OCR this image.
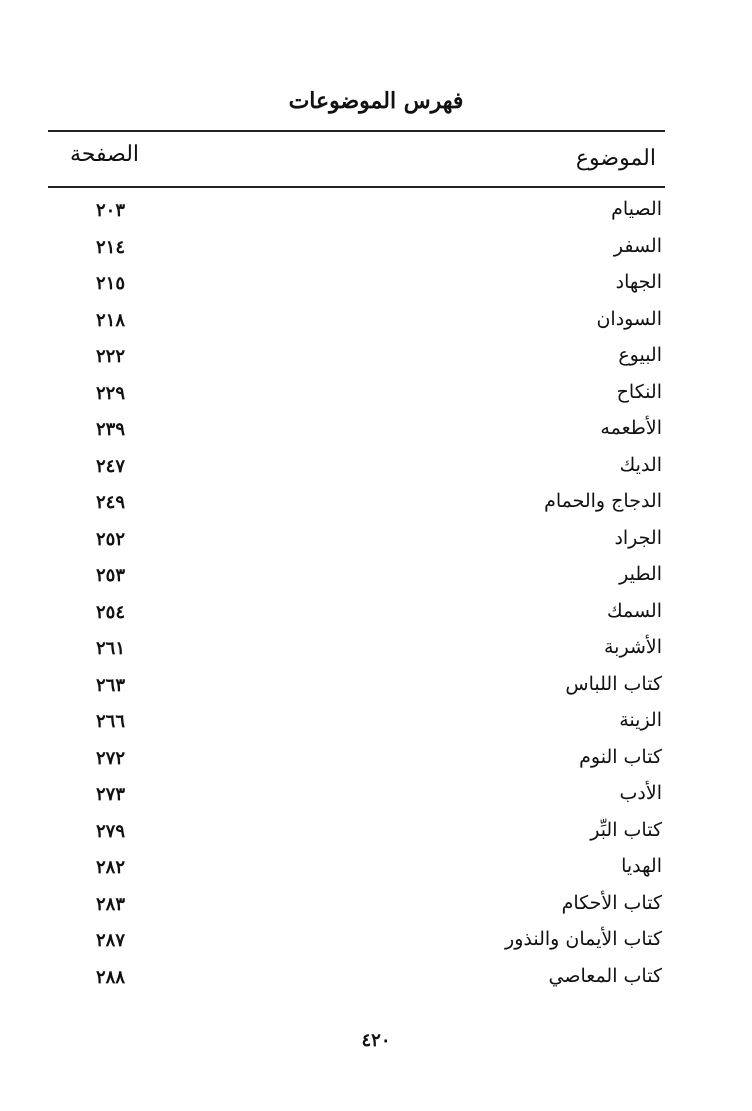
فهرس الموضوعات
الموضوع
الصفحة
الصيام
٢٠٣
السفر
٢١٤
الجهاد
٢١٥
السودان
٢١٨
البيوع
٢٢٢
النكاح
٢٢٩
الأطعمه
٢٣٩
الديك
٢٤٧
الدجاج والحمام
٢٤٩
الجراد
٢٥٢
الطير
٢٥٣
السمك
٢٥٤
الأشربة
٢٦١
كتاب اللباس
٢٦٣
الزينة
٢٦٦
كتاب النوم
٢٧٢
الأدب
٢٧٣
كتاب البِّر
٢٧٩
الهديا
٢٨٢
كتاب الأحكام
٢٨٣
كتاب الأيمان والنذور
٢٨٧
كتاب المعاصي
٢٨٨
٤٢٠
